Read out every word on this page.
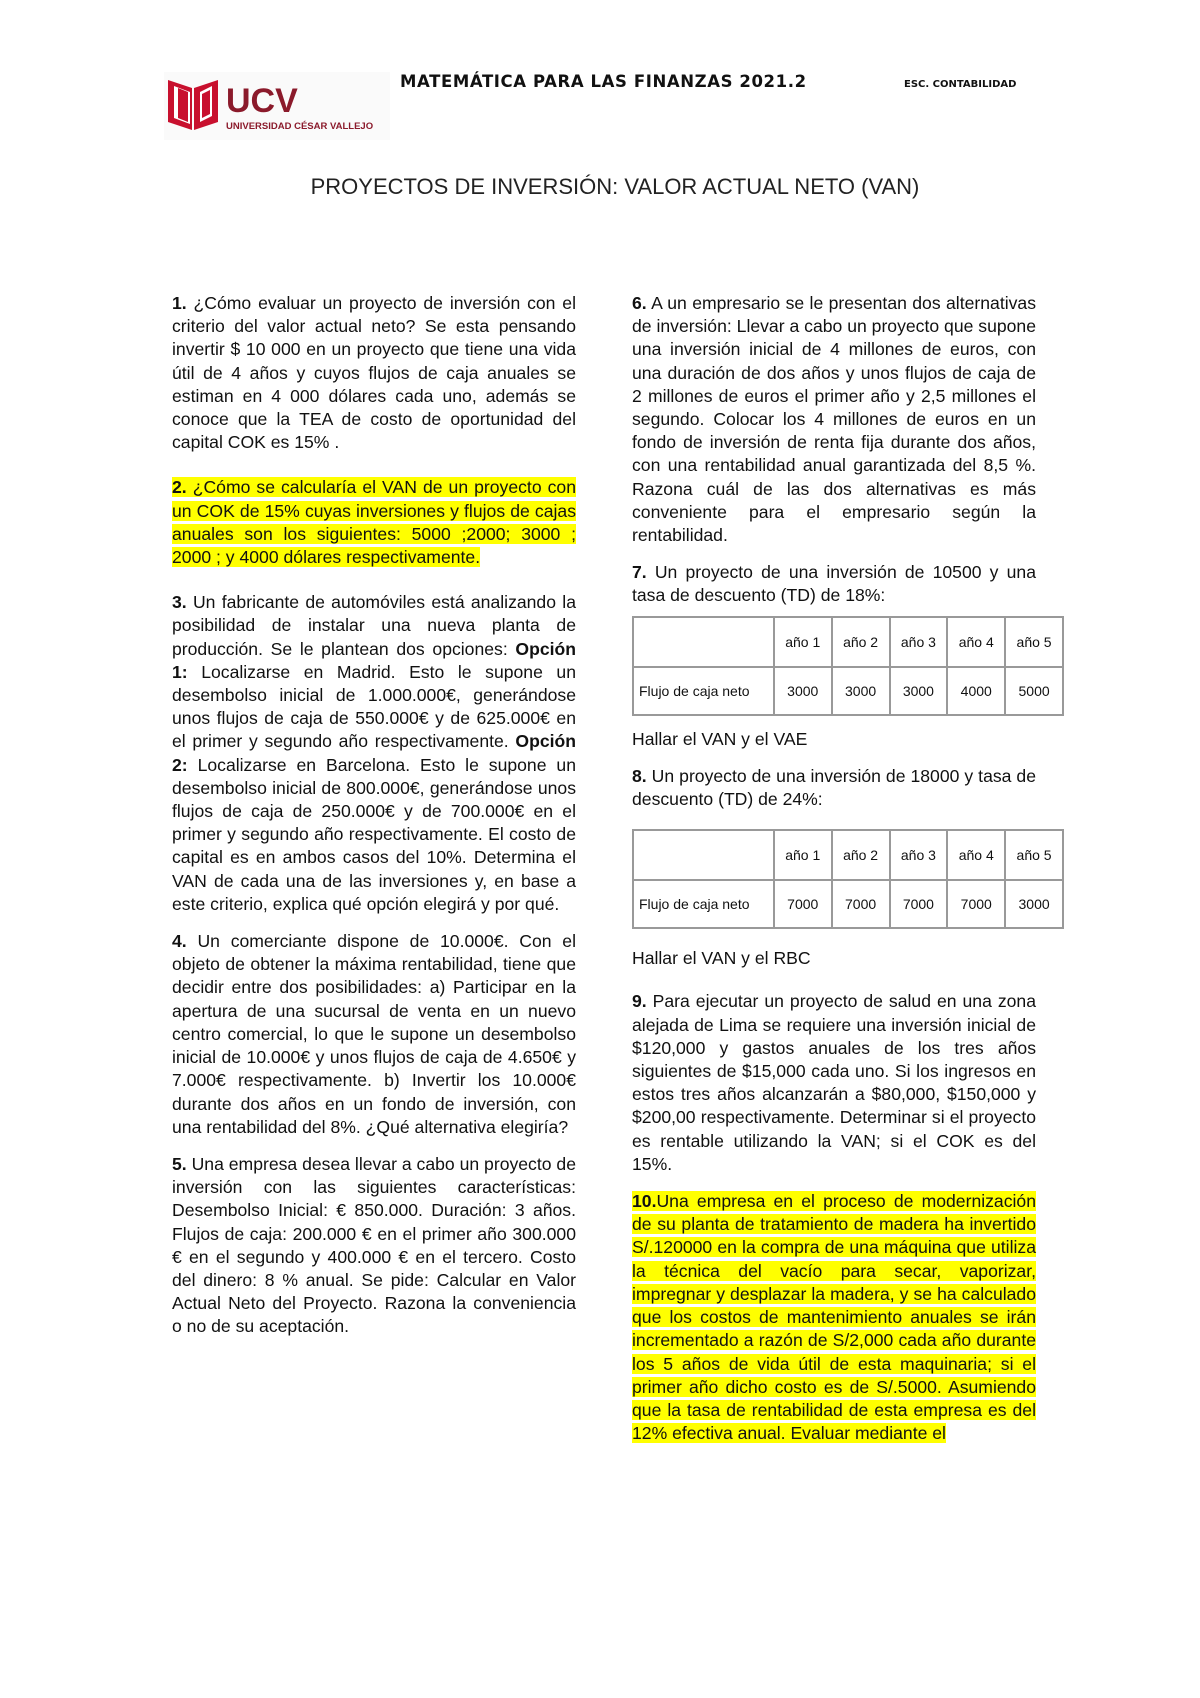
UCV
UNIVERSIDAD CÉSAR VALLEJO
MATEMÁTICA PARA LAS FINANZAS 2021.2	ESC. CONTABILIDAD
PROYECTOS DE INVERSIÓN: VALOR ACTUAL NETO (VAN)

1. ¿Cómo evaluar un proyecto de inversión con el criterio del valor actual neto? Se esta pensando invertir $ 10 000 en un proyecto que tiene una vida útil de 4 años y cuyos flujos de caja anuales se estiman en 4 000 dólares cada uno, además se conoce que la TEA de costo de oportunidad del capital COK es 15% .

2. ¿Cómo se calcularía el VAN de un proyecto con un COK de 15% cuyas inversiones y flujos de cajas anuales son los siguientes: 5000 ;2000; 3000 ; 2000 ; y 4000 dólares respectivamente.

3. Un fabricante de automóviles está analizando la posibilidad de instalar una nueva planta de producción. Se le plantean dos opciones: Opción 1: Localizarse en Madrid. Esto le supone un desembolso inicial de 1.000.000€, generándose unos flujos de caja de 550.000€ y de 625.000€ en el primer y segundo año respectivamente. Opción 2: Localizarse en Barcelona. Esto le supone un desembolso inicial de 800.000€, generándose unos flujos de caja de 250.000€ y de 700.000€ en el primer y segundo año respectivamente. El costo de capital es en ambos casos del 10%. Determina el VAN de cada una de las inversiones y, en base a este criterio, explica qué opción elegirá y por qué.

4. Un comerciante dispone de 10.000€. Con el objeto de obtener la máxima rentabilidad, tiene que decidir entre dos posibilidades: a) Participar en la apertura de una sucursal de venta en un nuevo centro comercial, lo que le supone un desembolso inicial de 10.000€ y unos flujos de caja de 4.650€ y 7.000€ respectivamente. b) Invertir los 10.000€ durante dos años en un fondo de inversión, con una rentabilidad del 8%. ¿Qué alternativa elegiría?

5. Una empresa desea llevar a cabo un proyecto de inversión con las siguientes características: Desembolso Inicial: € 850.000. Duración: 3 años. Flujos de caja: 200.000 € en el primer año 300.000 € en el segundo y 400.000 € en el tercero. Costo del dinero: 8 % anual. Se pide: Calcular en Valor Actual Neto del Proyecto. Razona la conveniencia o no de su aceptación.

6. A un empresario se le presentan dos alternativas de inversión: Llevar a cabo un proyecto que supone una inversión inicial de 4 millones de euros, con una duración de dos años y unos flujos de caja de 2 millones de euros el primer año y 2,5 millones el segundo. Colocar los 4 millones de euros en un fondo de inversión de renta fija durante dos años, con una rentabilidad anual garantizada del 8,5 %. Razona cuál de las dos alternativas es más conveniente para el empresario según la rentabilidad.

7. Un proyecto de una inversión de 10500 y una tasa de descuento (TD) de 18%:

	año 1	año 2	año 3	año 4	año 5
Flujo de caja neto	3000	3000	3000	4000	5000

Hallar el VAN y el VAE

8. Un proyecto de una inversión de 18000 y tasa de descuento (TD) de 24%:

	año 1	año 2	año 3	año 4	año 5
Flujo de caja neto	7000	7000	7000	7000	3000

Hallar el VAN y el RBC

9. Para ejecutar un proyecto de salud en una zona alejada de Lima se requiere una inversión inicial de $120,000 y gastos anuales de los tres años siguientes de $15,000 cada uno. Si los ingresos en estos tres años alcanzarán a $80,000, $150,000 y $200,00 respectivamente. Determinar si el proyecto es rentable utilizando la VAN; si el COK es del 15%.

10.Una empresa en el proceso de modernización de su planta de tratamiento de madera ha invertido S/.120000 en la compra de una máquina que utiliza la técnica del vacío para secar, vaporizar, impregnar y desplazar la madera, y se ha calculado que los costos de mantenimiento anuales se irán incrementado a razón de S/2,000 cada año durante los 5 años de vida útil de esta maquinaria; si el primer año dicho costo es de S/.5000. Asumiendo que la tasa de rentabilidad de esta empresa es del 12% efectiva anual. Evaluar mediante el
